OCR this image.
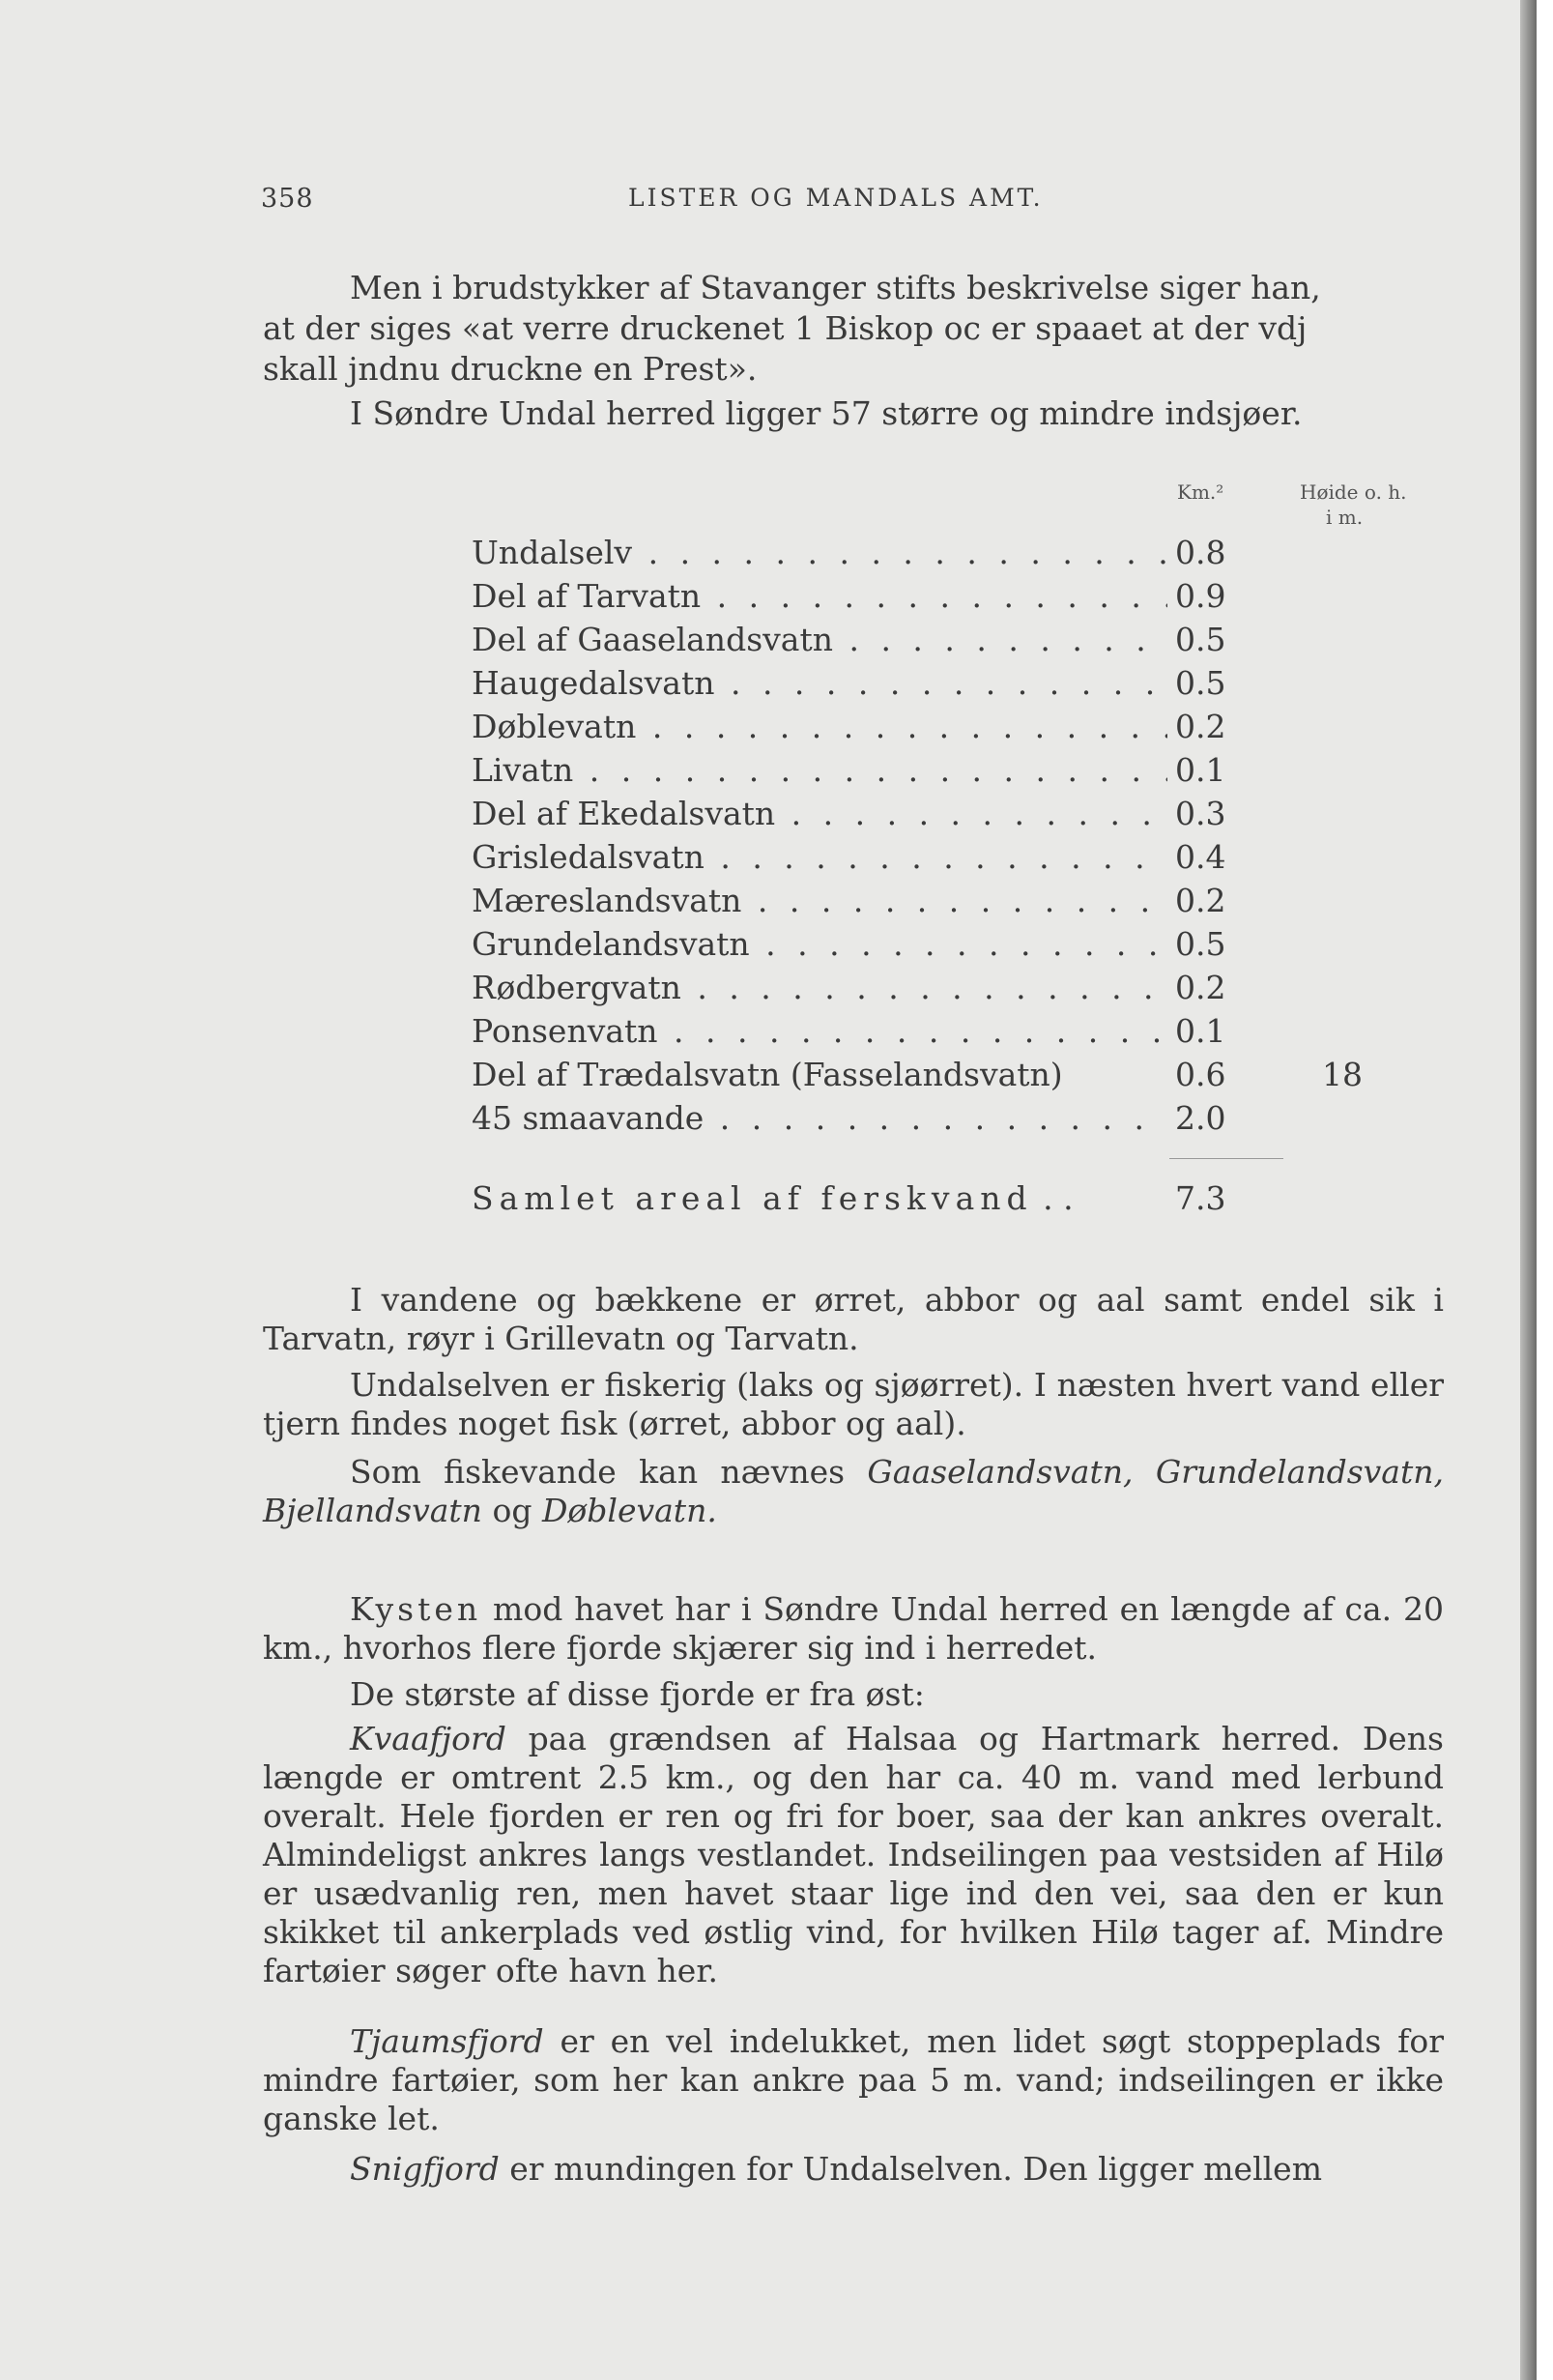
358	LISTER OG MANDALS AMT.

Men i brudstykker af Stavanger stifts beskrivelse siger han,

at der siges «at verre druckenet 1 Biskop oc er spaaet at der vdj

skall jndnu druckne en Prest».

I Søndre Undal herred ligger 57 større og mindre indsjøer.

Km.²	Høide o. h.
i m.
Undalselv . . .	0.8
Del af Tarvatn . . .	0.9
Del af Gaaselandsvatn . . .	0.5
Haugedalsvatn . . .	0.5
Døblevatn . . .	0.2
Livatn . . .	0.1
Del af Ekedalsvatn . . .	0.3
Grisledalsvatn . . .	0.4
Mæreslandsvatn . . .	0.2
Grundelandsvatn . . .	0.5
Rødbergvatn . . .	0.2
Ponsenvatn . . .	0.1
Del af Trædalsvatn (Fasselandsvatn)	0.6	18
45 smaavande . . .	2.0
Samlet areal af ferskvand . .	7.3

I vandene og bækkene er ørret, abbor og aal samt endel sik i Tarvatn, røyr i Grillevatn og Tarvatn.

Undalselven er fiskerig (laks og sjøørret). I næsten hvert vand eller tjern findes noget fisk (ørret, abbor og aal).

Som fiskevande kan nævnes Gaaselandsvatn, Grundelandsvatn, Bjellandsvatn og Døblevatn.

Kysten mod havet har i Søndre Undal herred en længde af ca. 20 km., hvorhos flere fjorde skjærer sig ind i herredet.

De største af disse fjorde er fra øst:

Kvaafjord paa grændsen af Halsaa og Hartmark herred. Dens længde er omtrent 2.5 km., og den har ca. 40 m. vand med lerbund overalt. Hele fjorden er ren og fri for boer, saa der kan ankres overalt. Almindeligst ankres langs vestlandet. Indseilingen paa vestsiden af Hilø er usædvanlig ren, men havet staar lige ind den vei, saa den er kun skikket til ankerplads ved østlig vind, for hvilken Hilø tager af. Mindre fartøier søger ofte havn her.

Tjaumsfjord er en vel indelukket, men lidet søgt stoppeplads for mindre fartøier, som her kan ankre paa 5 m. vand; indseilingen er ikke ganske let.

Snigfjord er mundingen for Undalselven. Den ligger mellem
